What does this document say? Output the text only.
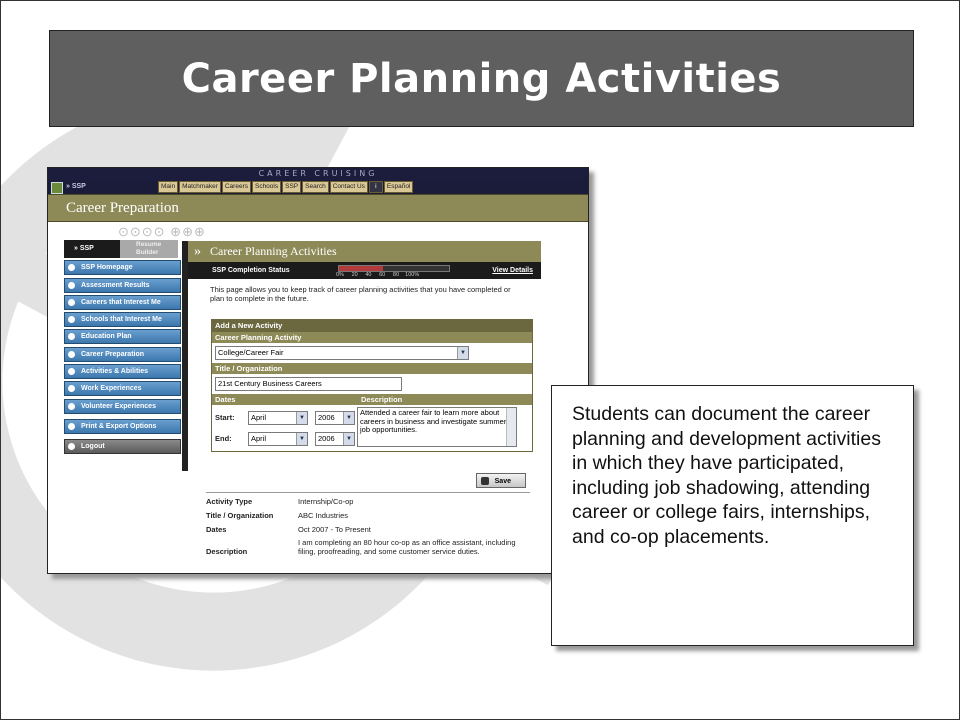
Career Planning Activities
CAREER CRUISING
» SSP	Main	Matchmaker	Careers	Schools	SSP	Search	Contact Us	i	Español
Career Preparation
⊙⊙⊙⊙ ⊕⊕⊕
» SSP
Resume Builder
SSP Homepage
Assessment Results
Careers that Interest Me
Schools that Interest Me
Education Plan
Career Preparation
Activities & Abilities
Work Experiences
Volunteer Experiences
Print & Export Options
Logout
» Career Planning Activities
SSP Completion Status
0% 20 40 60 80 100%
View Details
This page allows you to keep track of career planning activities that you have completed or plan to complete in the future.
Add a New Activity
Career Planning Activity
College/Career Fair	▼
Title / Organization
21st Century Business Careers
Dates	Description
Start:	April	▼	2006	▼
End:	April	▼	2006	▼
Attended a career fair to learn more about careers in business and investigate summer job opportunities.
Save
Activity Type	Internship/Co-op
Title / Organization	ABC Industries
Dates	Oct 2007 - To Present
Description
I am completing an 80 hour co-op as an office assistant, including filing, proofreading, and some customer service duties.

Students can document the career planning and development activities in which they have participated, including job shadowing, attending career or college fairs, internships, and co-op placements.
